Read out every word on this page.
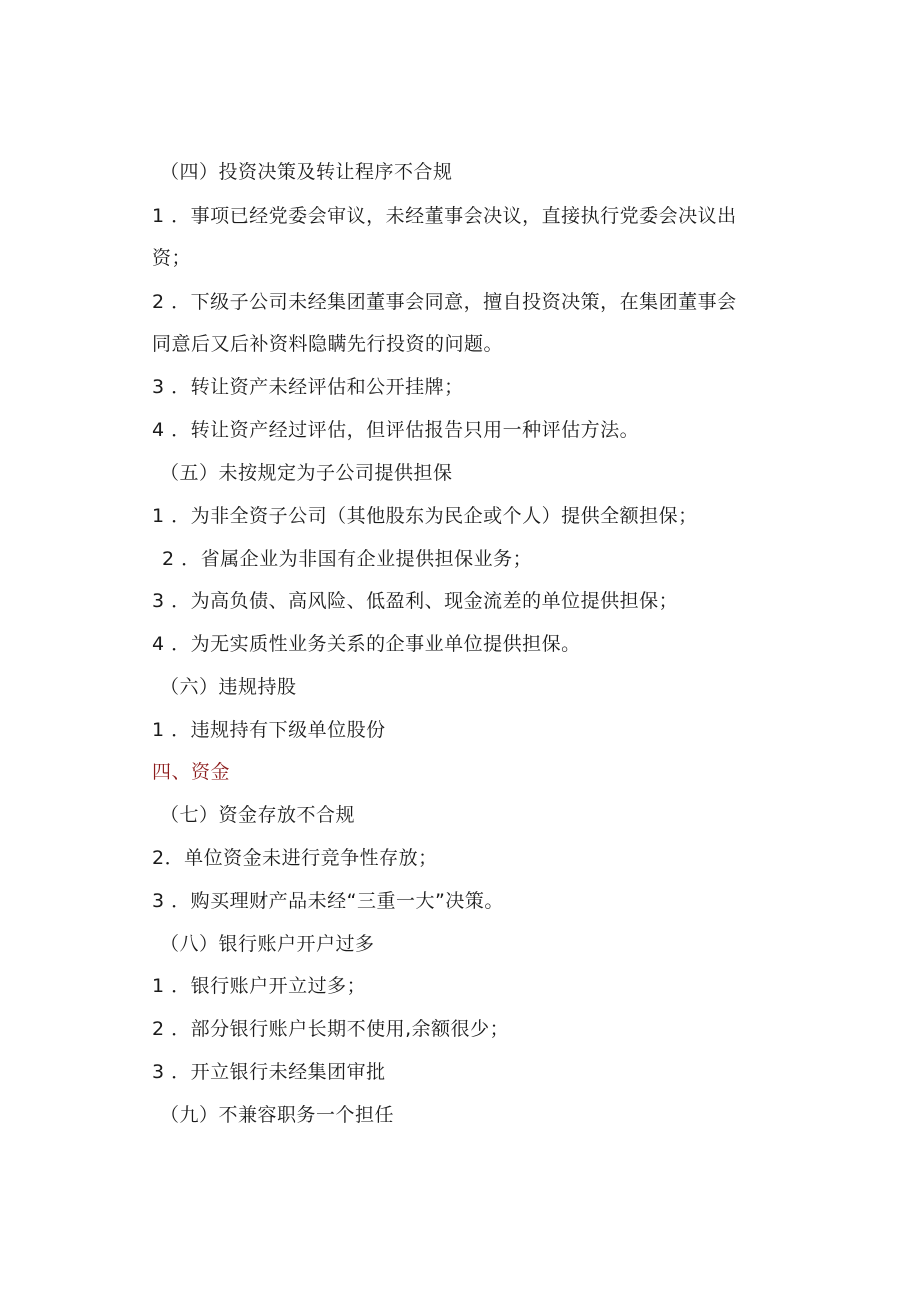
（四）投资决策及转让程序不合规
1 ．事项已经党委会审议，未经董事会决议，直接执行党委会决议出
资；
2 ．下级子公司未经集团董事会同意，擅自投资决策，在集团董事会
同意后又后补资料隐瞒先行投资的问题。
3 ．转让资产未经评估和公开挂牌；
4 ．转让资产经过评估，但评估报告只用一种评估方法。
（五）未按规定为子公司提供担保
1 ．为非全资子公司（其他股东为民企或个人）提供全额担保；
2 ．省属企业为非国有企业提供担保业务；
3 ．为高负债、高风险、低盈利、现金流差的单位提供担保；
4 ．为无实质性业务关系的企事业单位提供担保。
（六）违规持股
1 ．违规持有下级单位股份
四、资金
（七）资金存放不合规
2．单位资金未进行竞争性存放；
3 ．购买理财产品未经“三重一大”决策。
（八）银行账户开户过多
1 ．银行账户开立过多；
2 ．部分银行账户长期不使用,余额很少；
3 ．开立银行未经集团审批
（九）不兼容职务一个担任
